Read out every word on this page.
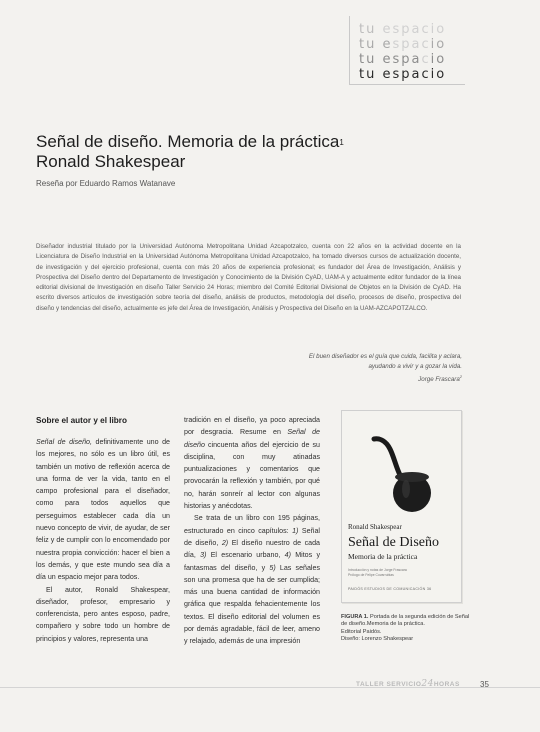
tu espacio
tu espacio
tu espacio
tu espacio
Señal de diseño. Memoria de la práctica$^1$
Ronald Shakespear
Reseña por Eduardo Ramos Watanave
Diseñador industrial titulado por la Universidad Autónoma Metropolitana Unidad Azcapotzalco, cuenta con 22 años en la actividad docente en la Licenciatura de Diseño Industrial en la Universidad Autónoma Metropolitana Unidad Azcapotzalco, ha tomado diversos cursos de actualización docente, de investigación y del ejercicio profesional, cuenta con más 20 años de experiencia profesional; es fundador del Área de Investigación, Análisis y Prospectiva del Diseño dentro del Departamento de Investigación y Conocimiento de la División CyAD, UAM-A y actualmente editor fundador de la línea editorial divisional de Investigación en diseño Taller Servicio 24 Horas; miembro del Comité Editorial Divisional de Objetos en la División de CyAD. Ha escrito diversos artículos de investigación sobre teoría del diseño, análisis de productos, metodología del diseño, procesos de diseño, prospectiva del diseño y tendencias del diseño, actualmente es jefe del Área de Investigación, Análisis y Prospectiva del Diseño en la UAM-AZCAPOTZALCO.
El buen diseñador es el guía que cuida, facilita y aclara,
ayudando a vivir y a gozar la vida.
Jorge Frascara$^2$
Sobre el autor y el libro

Señal de diseño, definitivamente uno de los mejores, no sólo es un libro útil, es también un motivo de reflexión acerca de una forma de ver la vida, tanto en el campo profesional para el diseñador, como para todos aquellos que perseguimos establecer cada día un nuevo concepto de vivir, de ayudar, de ser feliz y de cumplir con lo encomendado por nuestra propia convicción: hacer el bien a los demás, y que este mundo sea día a día un espacio mejor para todos.

El autor, Ronald Shakespear, diseñador, profesor, empresario y conferencista, pero antes esposo, padre, compañero y sobre todo un hombre de principios y valores, representa una

tradición en el diseño, ya poco apreciada por desgracia. Resume en Señal de diseño cincuenta años del ejercicio de su disciplina, con muy atinadas puntualizaciones y comentarios que provocarán la reflexión y también, por qué no, harán sonreír al lector con algunas historias y anécdotas.

Se trata de un libro con 195 páginas, estructurado en cinco capítulos: 1) Señal de diseño, 2) El diseño nuestro de cada día, 3) El escenario urbano, 4) Mitos y fantasmas del diseño, y 5) Las señales son una promesa que ha de ser cumplida; más una buena cantidad de información gráfica que respalda fehacientemente los textos. El diseño editorial del volumen es por demás agradable, fácil de leer, ameno y relajado, además de una impresión

Ronald Shakespear
Señal de Diseño
Memoria de la práctica
Introducción y notas de Jorge Frascara
Prólogo de Felipe Covarrubias
PAIDÓS ESTUDIOS DE COMUNICACIÓN 36
FIGURA 1. Portada de la segunda edición de Señal de diseño.Memoria de la práctica.
Editorial Paidós.
Diseño: Lorenzo Shakespear
TALLER SERVICIO24HORAS	35
